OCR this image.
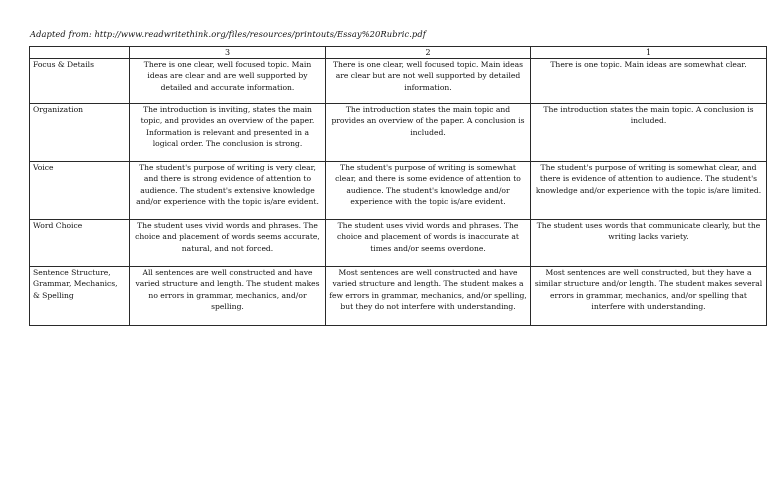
Adapted from: http://www.readwritethink.org/files/resources/printouts/Essay%20Rubric.pdf
	3	2	1
Focus & Details	There is one clear, well focused topic. Main ideas are clear and are well supported by detailed and accurate information.	There is one clear, well focused topic. Main ideas are clear but are not well supported by detailed information.	There is one topic. Main ideas are somewhat clear.
Organization	The introduction is inviting, states the main topic, and provides an overview of the paper. Information is relevant and presented in a logical order. The conclusion is strong.	The introduction states the main topic and provides an overview of the paper. A conclusion is included.	The introduction states the main topic. A conclusion is included.
Voice	The student's purpose of writing is very clear, and there is strong evidence of attention to audience. The student's extensive knowledge and/or experience with the topic is/are evident.	The student's purpose of writing is somewhat clear, and there is some evidence of attention to audience. The student's knowledge and/or experience with the topic is/are evident.	The student's purpose of writing is somewhat clear, and there is evidence of attention to audience. The student's knowledge and/or experience with the topic is/are limited.
Word Choice	The student uses vivid words and phrases. The choice and placement of words seems accurate, natural, and not forced.	The student uses vivid words and phrases. The choice and placement of words is inaccurate at times and/or seems overdone.	The student uses words that communicate clearly, but the writing lacks variety.
Sentence Structure, Grammar, Mechanics, & Spelling	All sentences are well constructed and have varied structure and length. The student makes no errors in grammar, mechanics, and/or spelling.	Most sentences are well constructed and have varied structure and length. The student makes a few errors in grammar, mechanics, and/or spelling, but they do not interfere with understanding.	Most sentences are well constructed, but they have a similar structure and/or length. The student makes several errors in grammar, mechanics, and/or spelling that interfere with understanding.
